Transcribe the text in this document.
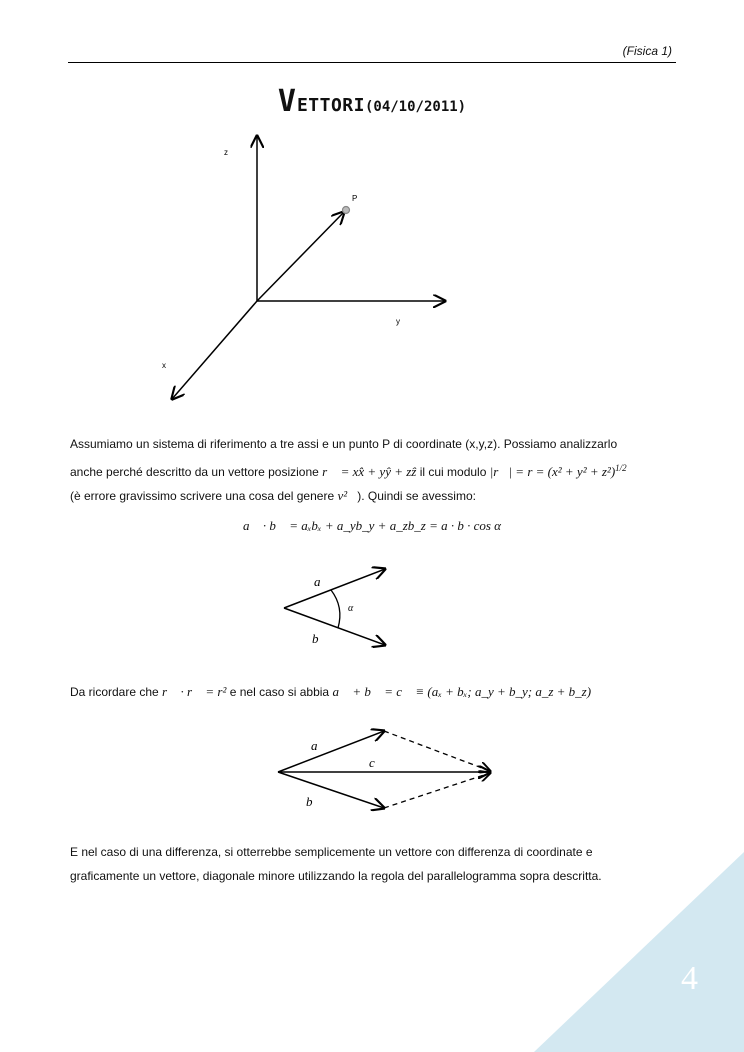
(Fisica 1)
VETTORI(04/10/2011)
z
y
x
P
a⃗
b⃗
α
a⃗
c⃗
b⃗
Assumiamo un sistema di riferimento a tre assi e un punto P di coordinate (x,y,z). Possiamo analizzarlo
anche perché descritto da un vettore posizione r⃗ = xx̂ + yŷ + zẑ il cui modulo |r⃗| = $r = (x^2 + y^2 + z^2)^{1/2}$
(è errore gravissimo scrivere una cosa del genere v²⃗). Quindi se avessimo:
a⃗ · b⃗ = aₓbₓ + a_yb_y + a_zb_z = a · b · cos α
Da ricordare che r⃗ · r⃗ = r² e nel caso si abbia a⃗ + b⃗ = c⃗ ≡ (aₓ + bₓ; a_y + b_y; a_z + b_z)
E nel caso di una differenza, si otterrebbe semplicemente un vettore con differenza di coordinate e
graficamente un vettore, diagonale minore utilizzando la regola del parallelogramma sopra descritta.
4
